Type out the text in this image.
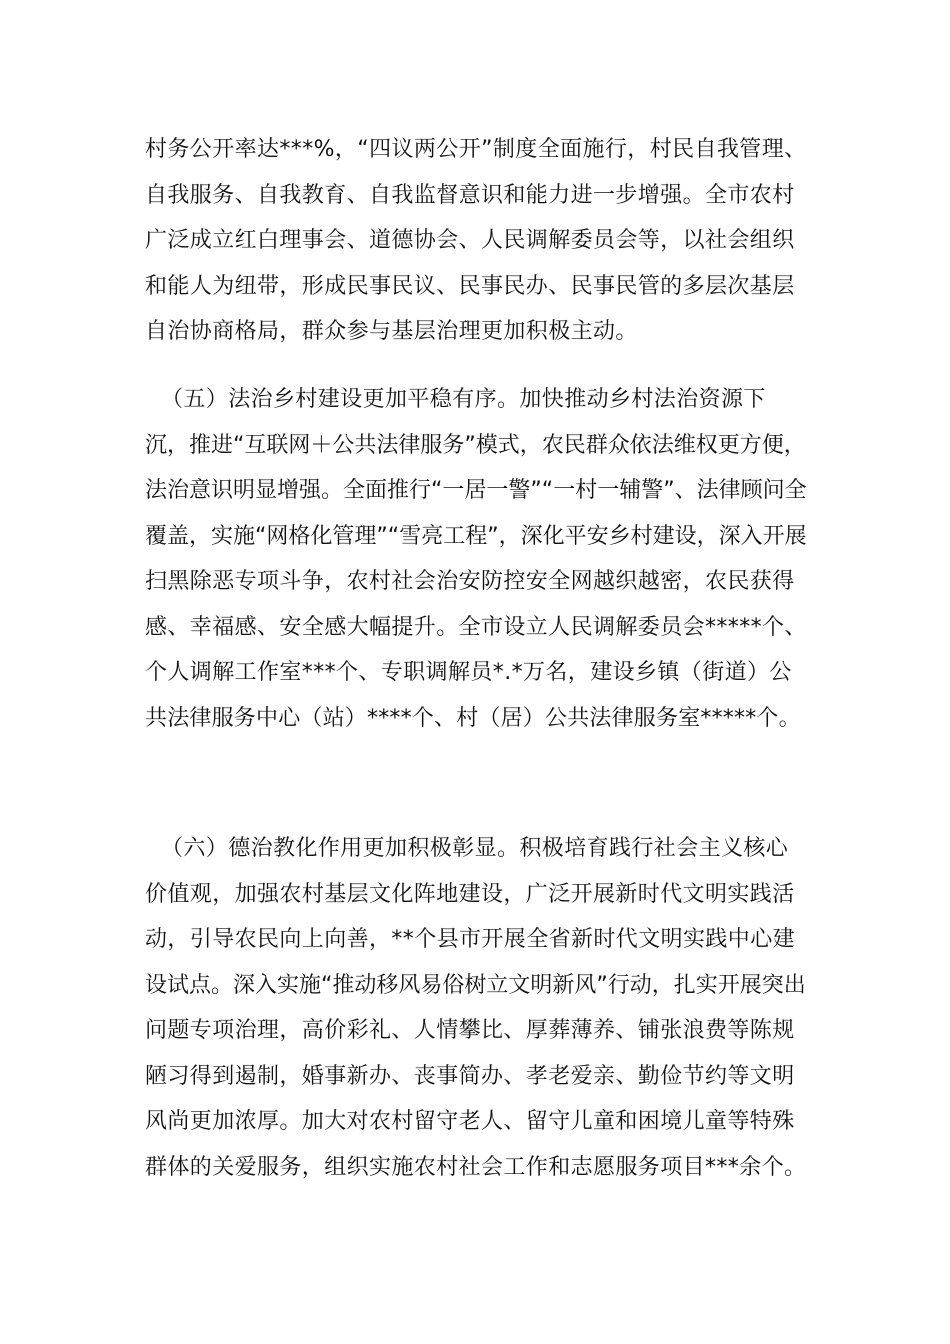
村务公开率达***%，“四议两公开”制度全面施行，村民自我管理、
自我服务、自我教育、自我监督意识和能力进一步增强。全市农村
广泛成立红白理事会、道德协会、人民调解委员会等，以社会组织
和能人为纽带，形成民事民议、民事民办、民事民管的多层次基层
自治协商格局，群众参与基层治理更加积极主动。
（五）法治乡村建设更加平稳有序。加快推动乡村法治资源下
沉，推进“互联网＋公共法律服务”模式，农民群众依法维权更方便，
法治意识明显增强。全面推行“一居一警”“一村一辅警”、法律顾问全
覆盖，实施“网格化管理”“雪亮工程”，深化平安乡村建设，深入开展
扫黑除恶专项斗争，农村社会治安防控安全网越织越密，农民获得
感、幸福感、安全感大幅提升。全市设立人民调解委员会*****个、
个人调解工作室***个、专职调解员*.*万名，建设乡镇（街道）公
共法律服务中心（站）****个、村（居）公共法律服务室*****个。
（六）德治教化作用更加积极彰显。积极培育践行社会主义核心
价值观，加强农村基层文化阵地建设，广泛开展新时代文明实践活
动，引导农民向上向善，**个县市开展全省新时代文明实践中心建
设试点。深入实施“推动移风易俗树立文明新风”行动，扎实开展突出
问题专项治理，高价彩礼、人情攀比、厚葬薄养、铺张浪费等陈规
陋习得到遏制，婚事新办、丧事简办、孝老爱亲、勤俭节约等文明
风尚更加浓厚。加大对农村留守老人、留守儿童和困境儿童等特殊
群体的关爱服务，组织实施农村社会工作和志愿服务项目***余个。
